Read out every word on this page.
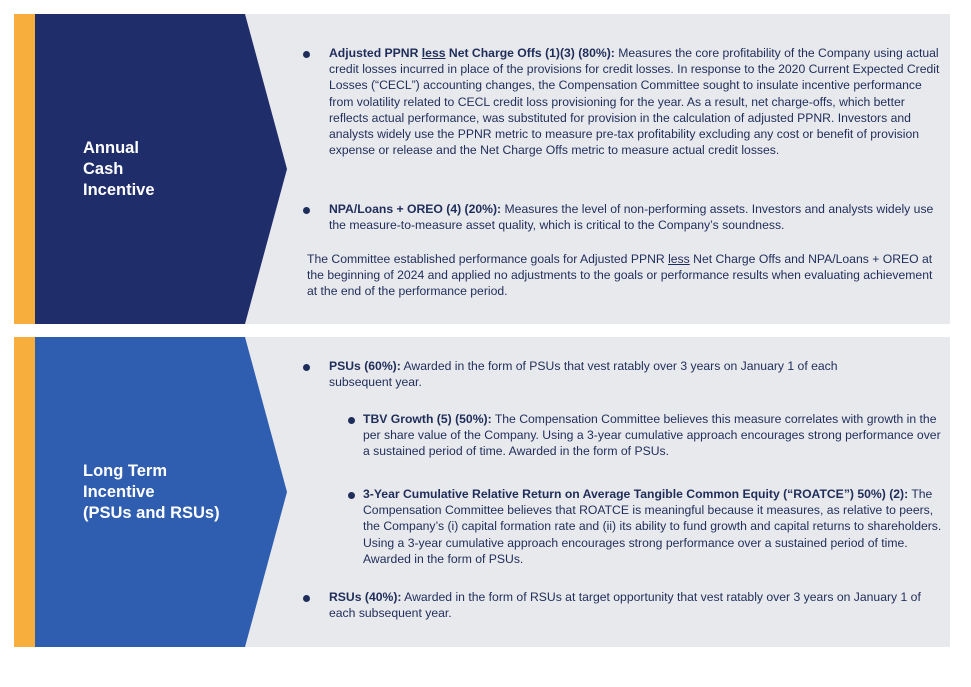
Annual
Cash
Incentive

Adjusted PPNR less Net Charge Offs (1)(3) (80%): Measures the core profitability of the Company using actual credit losses incurred in place of the provisions for credit losses. In response to the 2020 Current Expected Credit Losses (“CECL”) accounting changes, the Compensation Committee sought to insulate incentive performance from volatility related to CECL credit loss provisioning for the year. As a result, net charge-offs, which better reflects actual performance, was substituted for provision in the calculation of adjusted PPNR. Investors and analysts widely use the PPNR metric to measure pre-tax profitability excluding any cost or benefit of provision expense or release and the Net Charge Offs metric to measure actual credit losses.

NPA/Loans + OREO (4) (20%): Measures the level of non-performing assets. Investors and analysts widely use the measure-to-measure asset quality, which is critical to the Company’s soundness.

The Committee established performance goals for Adjusted PPNR less Net Charge Offs and NPA/Loans + OREO at the beginning of 2024 and applied no adjustments to the goals or performance results when evaluating achievement at the end of the performance period.

Long Term
Incentive
(PSUs and RSUs)

PSUs (60%): Awarded in the form of PSUs that vest ratably over 3 years on January 1 of each subsequent year.

TBV Growth (5) (50%): The Compensation Committee believes this measure correlates with growth in the per share value of the Company. Using a 3-year cumulative approach encourages strong performance over a sustained period of time. Awarded in the form of PSUs.

3-Year Cumulative Relative Return on Average Tangible Common Equity (“ROATCE”) 50%) (2): The Compensation Committee believes that ROATCE is meaningful because it measures, as relative to peers, the Company’s (i) capital formation rate and (ii) its ability to fund growth and capital returns to shareholders. Using a 3-year cumulative approach encourages strong performance over a sustained period of time. Awarded in the form of PSUs.

RSUs (40%): Awarded in the form of RSUs at target opportunity that vest ratably over 3 years on January 1 of each subsequent year.
